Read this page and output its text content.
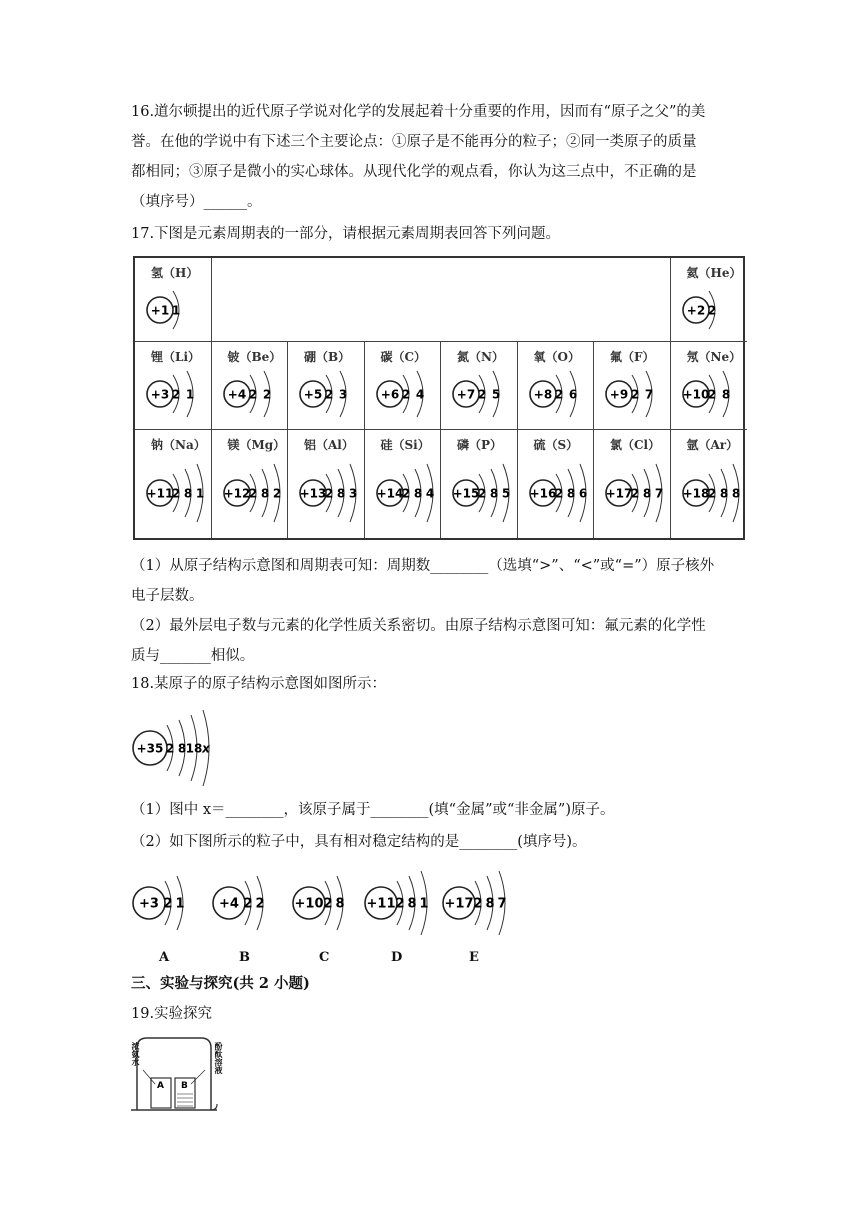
16.道尔顿提出的近代原子学说对化学的发展起着十分重要的作用，因而有“原子之父”的美
誉。在他的学说中有下述三个主要论点：①原子是不能再分的粒子；②同一类原子的质量
都相同；③原子是微小的实心球体。从现代化学的观点看，你认为这三点中，不正确的是
（填序号）______。
17.下图是元素周期表的一部分，请根据元素周期表回答下列问题。
氢（H）
+1 1
氦（He）
+2 2
锂（Li）
+3 2 1
铍（Be）
+4 2 2
硼（B）
+5 2 3
碳（C）
+6 2 4
氮（N）
+7 2 5
氧（O）
+8 2 6
氟（F）
+9 2 7
氖（Ne）
+10
2 8
钠（Na）
+11
2 8 1
镁（Mg）
+12
2 8 2
铝（Al）
+13
2 8 3
硅（Si）
+14
2 8 4
磷（P）
+15
2 8 5
硫（S）
+16
2 8 6
氯（Cl）
+17
2 8 7
氩（Ar）
+18
2 8 8
（1）从原子结构示意图和周期表可知：周期数________（选填“>”、“<”或“=”）原子核外
电子层数。
（2）最外层电子数与元素的化学性质关系密切。由原子结构示意图可知：氟元素的化学性
质与_______相似。
18.某原子的原子结构示意图如图所示：
+35 2 8 18 x
（1）图中 x＝________，该原子属于________(填“金属”或“非金属”)原子。
（2）如下图所示的粒子中，具有相对稳定结构的是________(填序号)。
+3 2 1
A
+4 2 2
B
+10 2 8
C
+11 2 8 1
D
+17 2 8 7
E
三、实验与探究(共 2 小题)
19.实验探究
A B
浓氨水	酚酞溶液
